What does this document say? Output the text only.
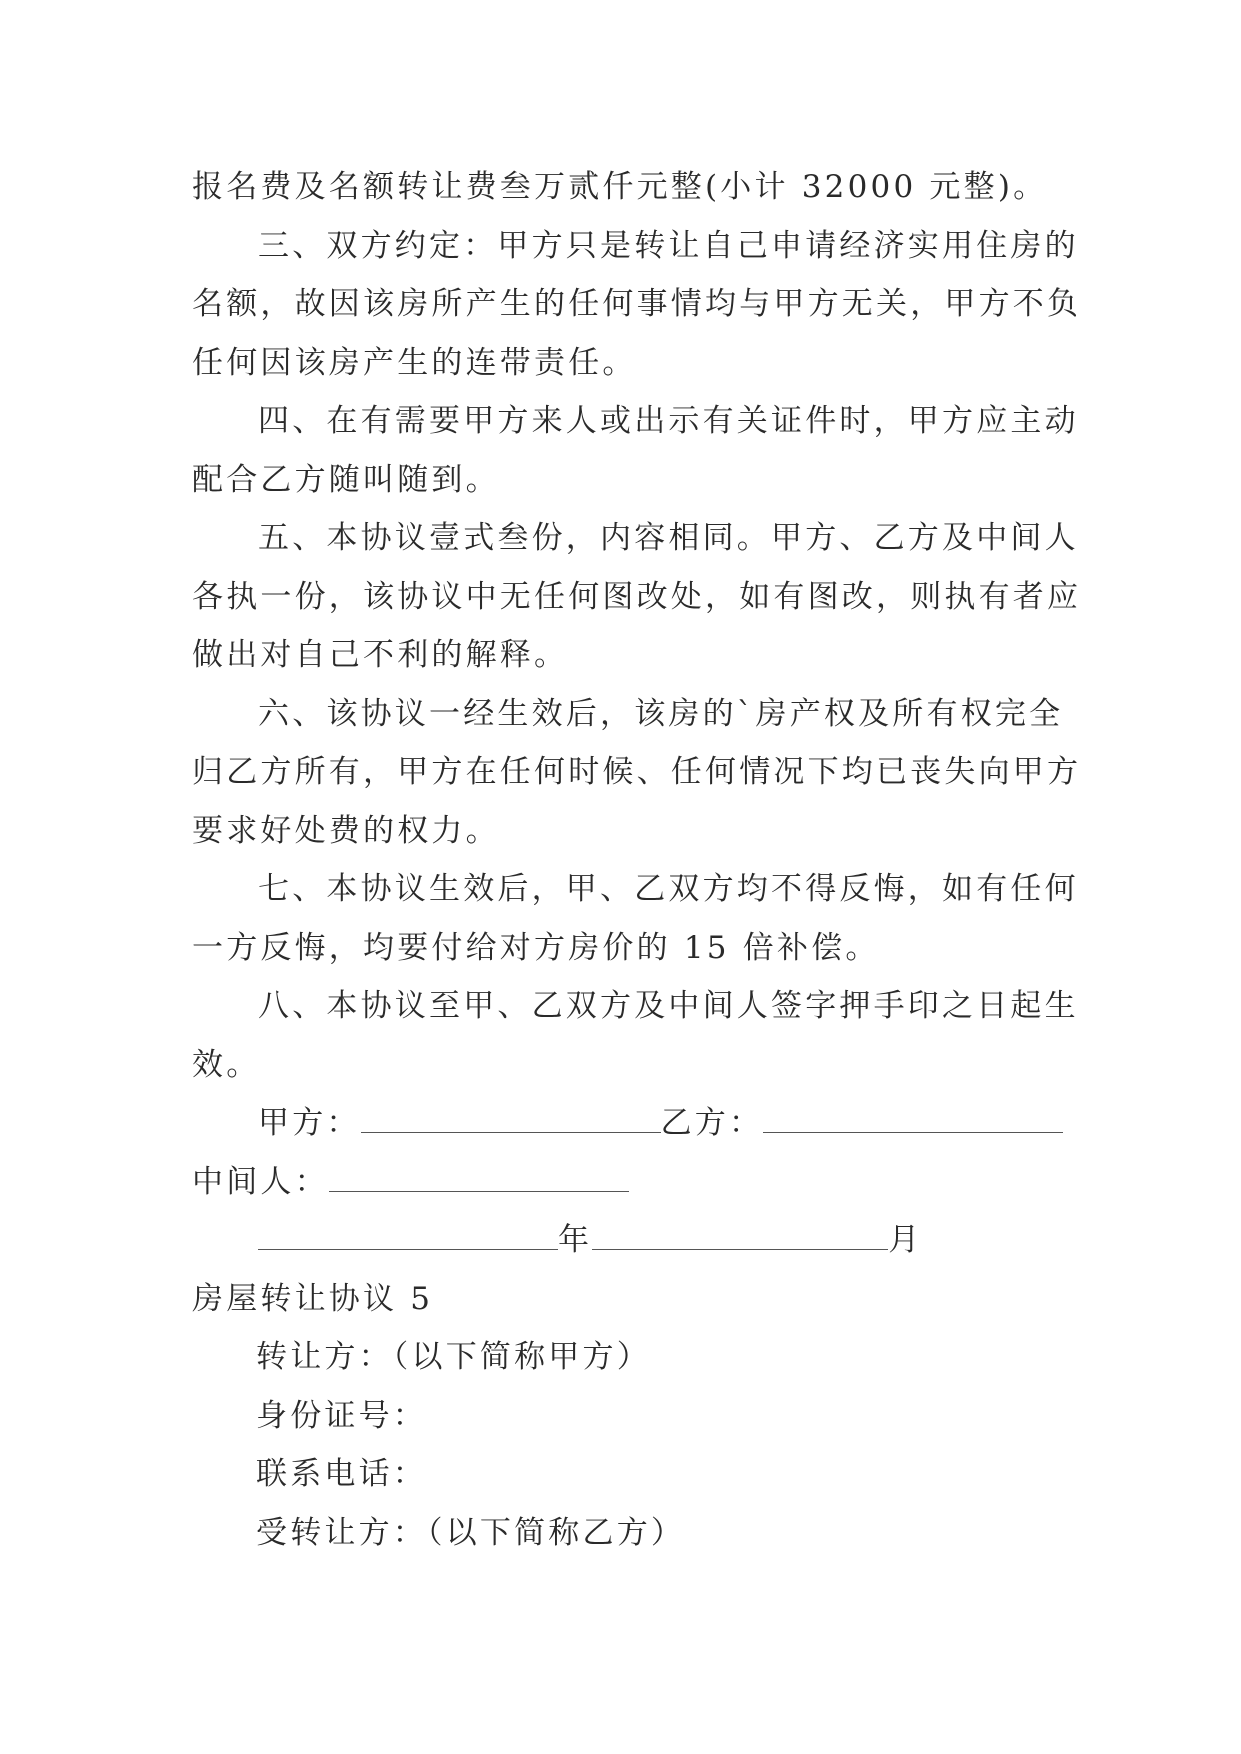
报名费及名额转让费叁万贰仟元整(小计 32000 元整)。
三、双方约定：甲方只是转让自己申请经济实用住房的
名额，故因该房所产生的任何事情均与甲方无关，甲方不负
任何因该房产生的连带责任。
四、在有需要甲方来人或出示有关证件时，甲方应主动
配合乙方随叫随到。
五、本协议壹式叁份，内容相同。甲方、乙方及中间人
各执一份，该协议中无任何图改处，如有图改，则执有者应
做出对自己不利的解释。
六、该协议一经生效后，该房的`房产权及所有权完全
归乙方所有，甲方在任何时候、任何情况下均已丧失向甲方
要求好处费的权力。
七、本协议生效后，甲、乙双方均不得反悔，如有任何
一方反悔，均要付给对方房价的 15 倍补偿。
八、本协议至甲、乙双方及中间人签字押手印之日起生
效。
甲方：	乙方：
中间人：
年	月
房屋转让协议 5
转让方：（以下简称甲方）
身份证号：
联系电话：
受转让方：（以下简称乙方）
